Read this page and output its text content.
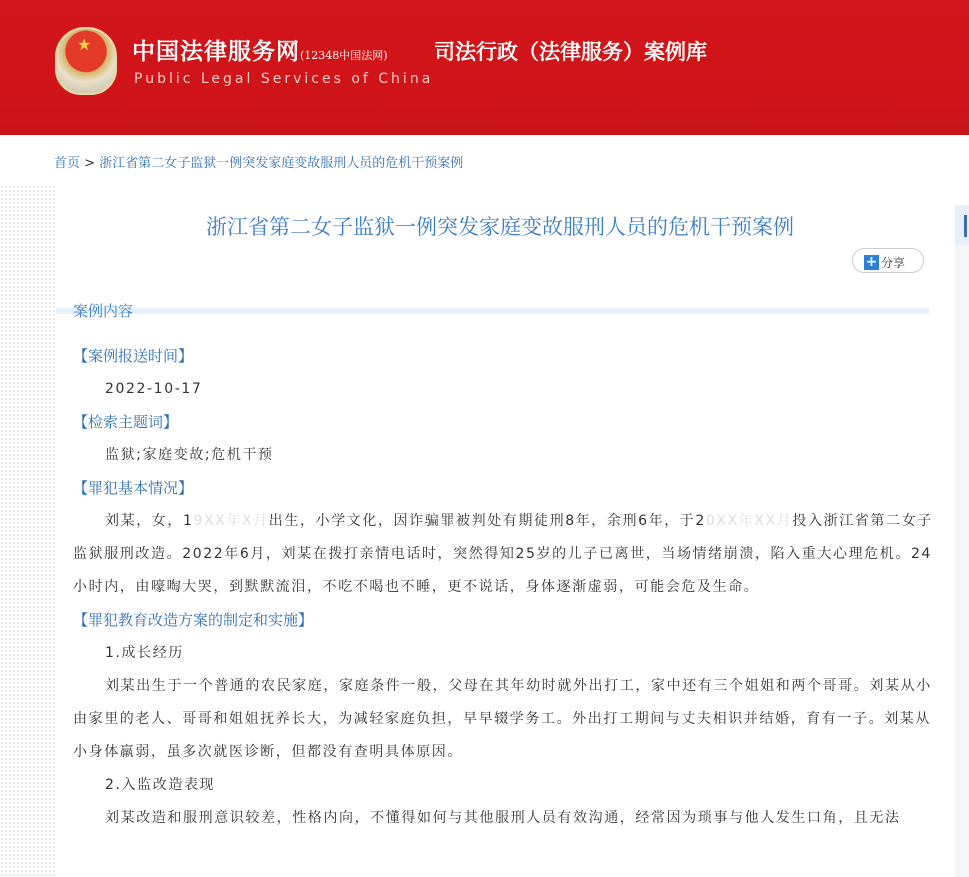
★ 中国法律服务网(12348中国法网)
Public Legal Services of China
司法行政（法律服务）案例库
首页 > 浙江省第二女子监狱一例突发家庭变故服刑人员的危机干预案例
浙江省第二女子监狱一例突发家庭变故服刑人员的危机干预案例
+ 分享
案例内容
【案例报送时间】
2022-10-17
【检索主题词】
监狱;家庭变故;危机干预
【罪犯基本情况】
刘某，女，19XX年X月出生，小学文化，因诈骗罪被判处有期徒刑8年，余刑6年，于20XX年XX月投入浙江省第二女子监狱服刑改造。2022年6月，刘某在拨打亲情电话时，突然得知25岁的儿子已离世，当场情绪崩溃，陷入重大心理危机。24小时内，由嚎啕大哭，到默默流泪，不吃不喝也不睡，更不说话，身体逐渐虚弱，可能会危及生命。
【罪犯教育改造方案的制定和实施】
1.成长经历
刘某出生于一个普通的农民家庭，家庭条件一般，父母在其年幼时就外出打工，家中还有三个姐姐和两个哥哥。刘某从小由家里的老人、哥哥和姐姐抚养长大，为减轻家庭负担，早早辍学务工。外出打工期间与丈夫相识并结婚，育有一子。刘某从小身体羸弱，虽多次就医诊断，但都没有查明具体原因。
2.入监改造表现
刘某改造和服刑意识较差，性格内向，不懂得如何与其他服刑人员有效沟通，经常因为琐事与他人发生口角，且无法
